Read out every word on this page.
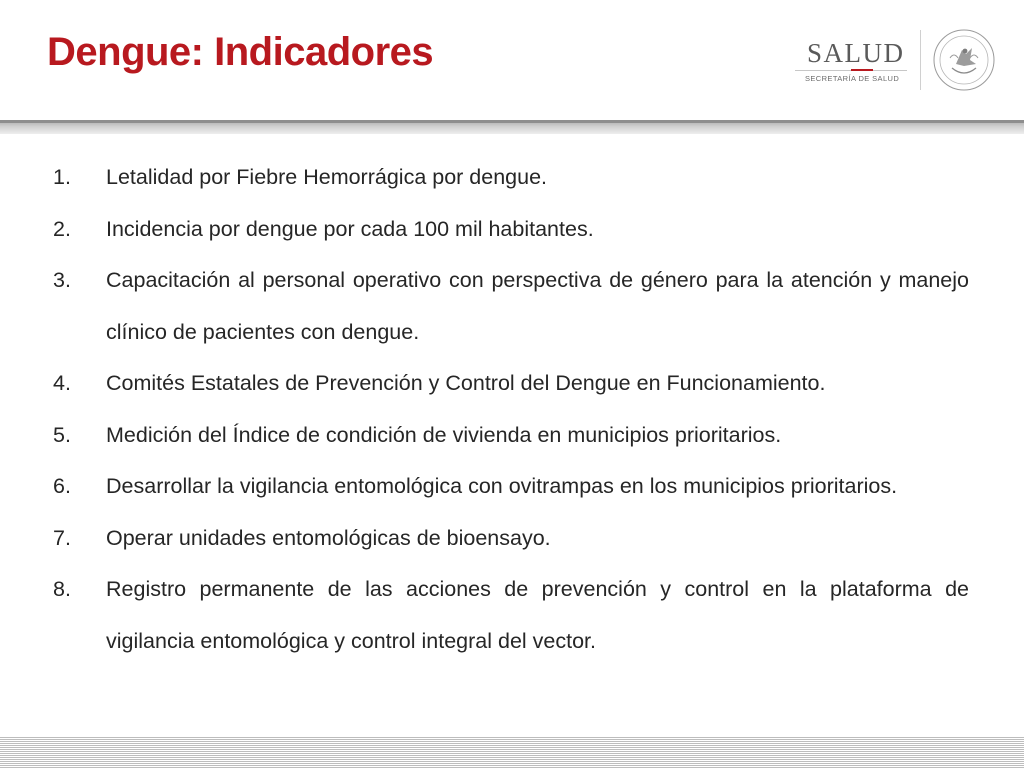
Dengue: Indicadores	SALUD
SECRETARÍA DE SALUD
1. Letalidad por Fiebre Hemorrágica por dengue.
2. Incidencia por dengue por cada 100 mil habitantes.
3. Capacitación al personal operativo con perspectiva de género para la atención y manejo clínico de pacientes con dengue.
4. Comités Estatales de Prevención y Control del Dengue en Funcionamiento.
5. Medición del Índice de condición de vivienda en municipios prioritarios.
6. Desarrollar la vigilancia entomológica con ovitrampas en los municipios prioritarios.
7. Operar unidades entomológicas de bioensayo.
8. Registro permanente de las acciones de prevención y control en la plataforma de vigilancia entomológica y control integral del vector.
